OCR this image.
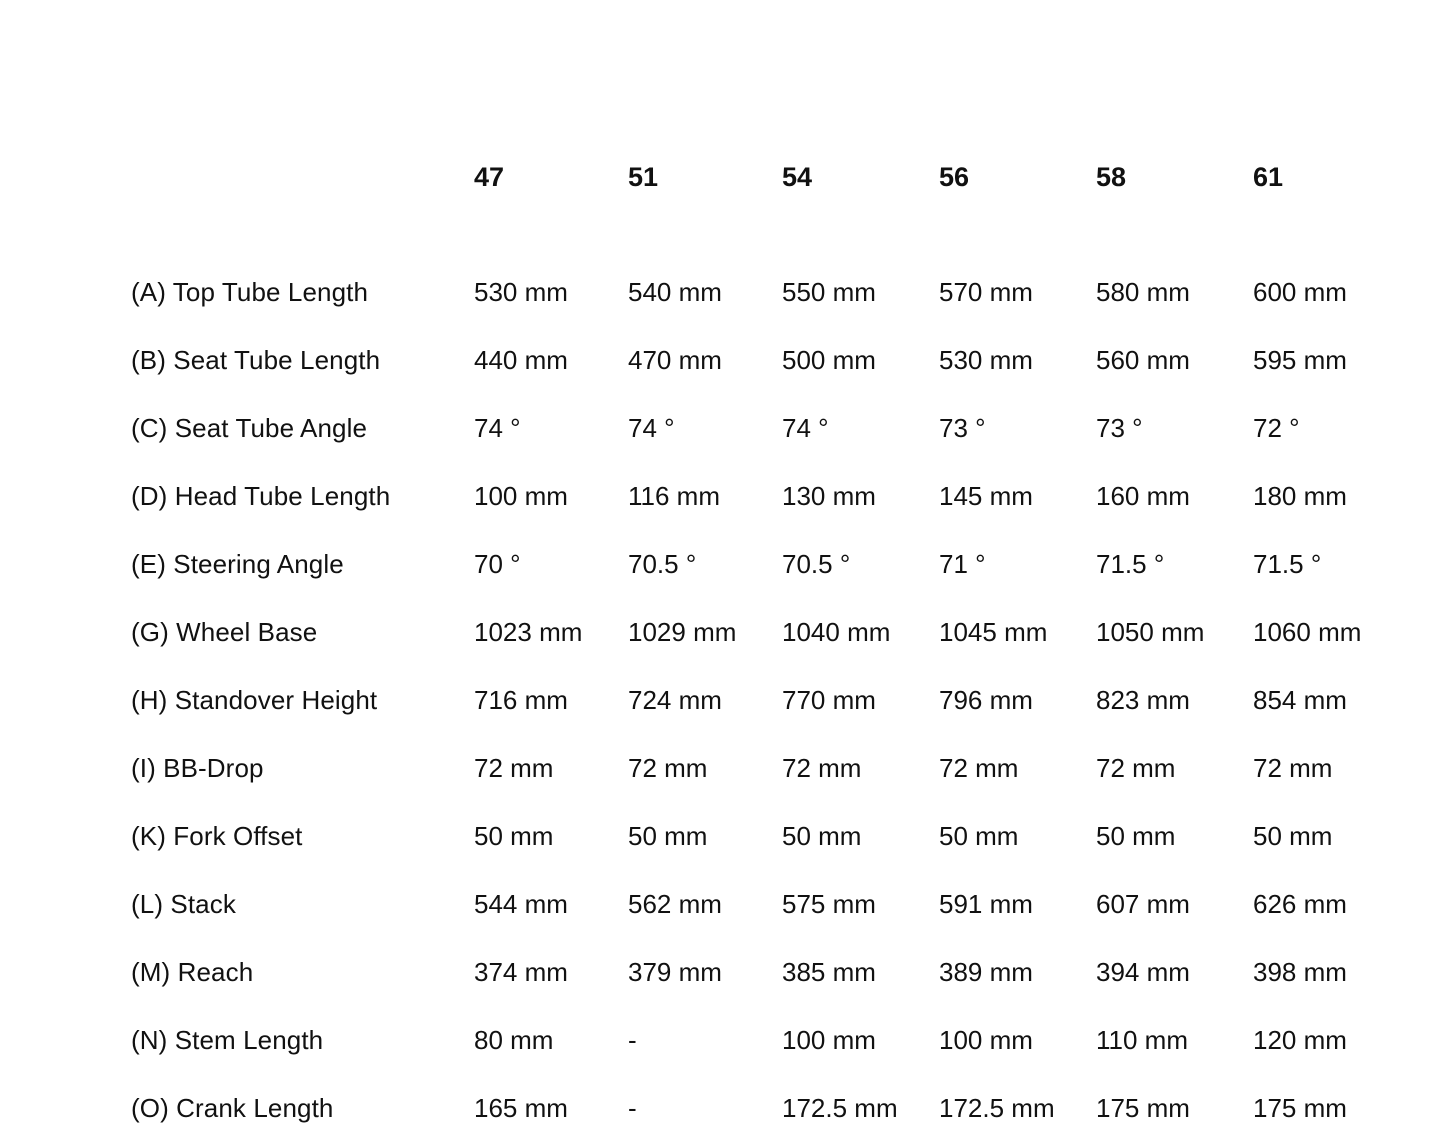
	47	51	54	56	58	61

(A) Top Tube Length	530 mm	540 mm	550 mm	570 mm	580 mm	600 mm
(B) Seat Tube Length	440 mm	470 mm	500 mm	530 mm	560 mm	595 mm
(C) Seat Tube Angle	74 °	74 °	74 °	73 °	73 °	72 °
(D) Head Tube Length	100 mm	116 mm	130 mm	145 mm	160 mm	180 mm
(E) Steering Angle	70 °	70.5 °	70.5 °	71 °	71.5 °	71.5 °
(G) Wheel Base	1023 mm	1029 mm	1040 mm	1045 mm	1050 mm	1060 mm
(H) Standover Height	716 mm	724 mm	770 mm	796 mm	823 mm	854 mm
(I) BB-Drop	72 mm	72 mm	72 mm	72 mm	72 mm	72 mm
(K) Fork Offset	50 mm	50 mm	50 mm	50 mm	50 mm	50 mm
(L) Stack	544 mm	562 mm	575 mm	591 mm	607 mm	626 mm
(M) Reach	374 mm	379 mm	385 mm	389 mm	394 mm	398 mm
(N) Stem Length	80 mm	-	100 mm	100 mm	110 mm	120 mm
(O) Crank Length	165 mm	-	172.5 mm	172.5 mm	175 mm	175 mm
